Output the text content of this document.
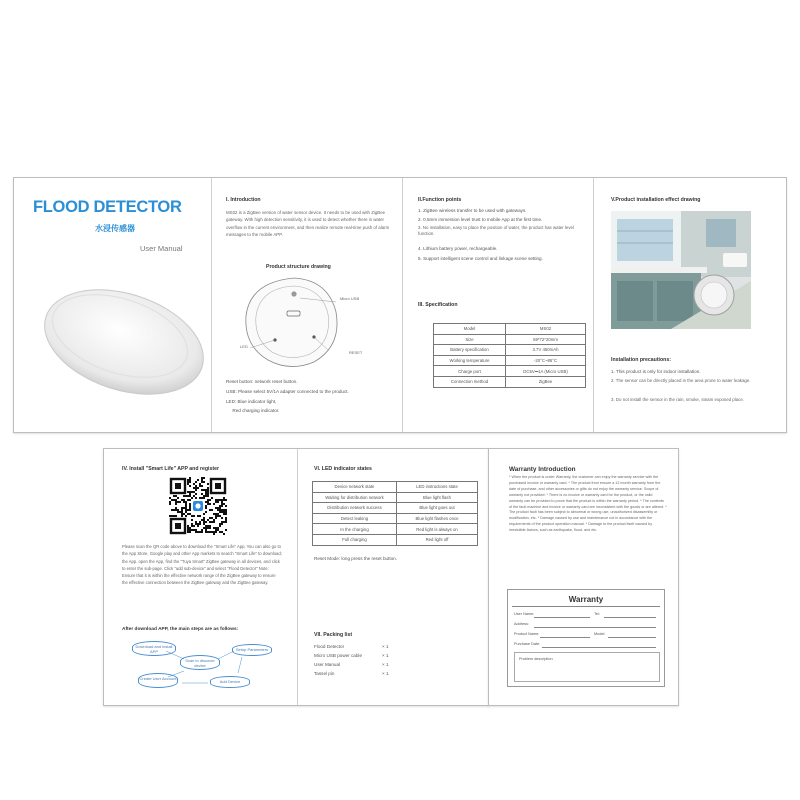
FLOOD DETECTOR
水浸传感器
User Manual
I. Introduction
MS02 is a ZigBee version of water sensor device. It needs to be used with ZigBee gateway. With high detection sensitivity, it is used to detect whether there is water overflow in the current environment, and then realize remote real-time push of alarm messages to the mobile APP.
Product structure drawing
Micro USB
LED
RESET
Reset button: network reset button.
USB: Please select 5V/1A adapter connected to the product.
LED: Blue indicator light,
Red charging indicator.
II.Function points
1. ZigBee wireless transfer to be used with gateways.
2. 0.5mm immersion level trust to mobile App at the first time.
3. No installation, easy to place the position of water, the product has water level function.
4. Lithium battery power, rechargeable.
5. Support intelligent scene control and linkage scene setting.
III. Specification
Model	MS02
Size	69*72*20mm
Battery specification	3.7V 450mAh
Working temperature	-20°C~85°C
Charge port	DC5V⎓1A (Micro USB)
Connection method	ZigBee
V.Product installation effect drawing
Installation precautions:
1. This product is only for indoor installation.
2. The sensor can be directly placed in the area prone to water leakage.
3. Do not install the sensor in the rain, smoke, steam exposed place.
IV. Install "Smart Life" APP and register
Please scan the QR code above to download the "Smart Life" App. You can also go to the App Store, Google play and other App markets to search "Smart Life" to download; the App. open the App, find the "Tuya Smart" ZigBee gateway in all devices, and click to enter the sub-page. Click "add sub-device" and select "Flood Detector" Note: Ensure that it is within the effective network range of the ZigBee gateway to ensure the effective connection between the ZigBee gateway and the ZigBee gateway.
After download APP, the main steps are as follows:
Download and install APP
Scan to discover device
Setup Parameters
Create User Account
Add Device
VI. LED indicator states
Device network state	LED instructions state
Waiting for distribution network	Blue light flash
Distribution network success	Blue light goes out
Detect leaking	Blue light flashes once
In the charging	Red light is always on
Full charging	Red light off
Reset Mode: long press the reset button.
VII. Packing list
Flood Detector	× 1
Micro USB power cable	× 1
User Manual	× 1
Tassel pin	× 1
Warranty Introduction
* When the product is under Warranty, the customer can enjoy the warranty service with the purchased invoice or warranty card. * The product from ensure a 12 month warranty from the date of purchase, and other accessories or gifts do not enjoy the warranty service. Scope of warranty not provided: * There is no invoice or warranty card for the product, or the valid warranty can be provided to prove that the product is within the warranty period. * The contents of the fault machine and invoice or warranty card are inconsistent with the goods or are altered. * The product fault has been subject to abnormal or wrong use, unauthorized disassembly or modification, etc. * Damage caused by use and maintenance not in accordance with the requirements of the product operation manual. * Damage to the product itself caused by irresistible factors, such as earthquake, flood, and etc.
Warranty
User Name:	Tel:
Address:
Product Name:	Model:
Purchase Date:
Problem description
